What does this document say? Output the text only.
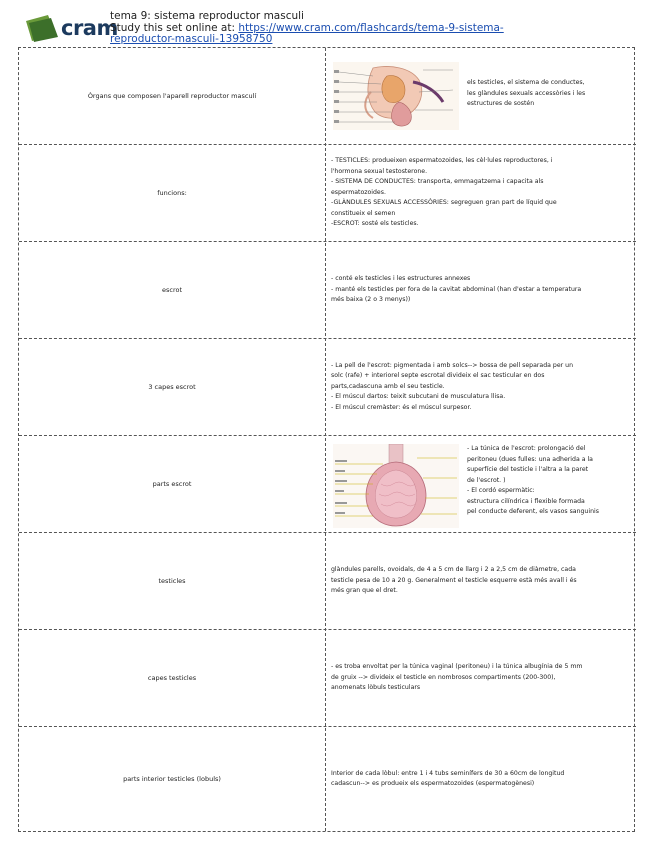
cram
tema 9: sistema reproductor masculi
Study this set online at: https://www.cram.com/flashcards/tema-9-sistema-
reproductor-masculi-13958750
Òrgans que composen l'aparell reproductor masculí
els testicles, el sistema de conductes,
les glàndules sexuals accessòries i les
estructures de sostén
funcions:
- TESTICLES: produeixen espermatozoides, les cèl·lules reproductores, i
l'hormona sexual testosterone.
- SISTEMA DE CONDUCTES: transporta, emmagatzema i capacita als
espermatozoides.
-GLÀNDULES SEXUALS ACCESSÒRIES: segreguen gran part de líquid que
constitueix el semen
-ESCROT: sosté els testicles.
escrot
- conté els testicles i les estructures annexes
- manté els testicles per fora de la cavitat abdominal (han d'estar a temperatura
més baixa (2 o 3 menys))
3 capes escrot
- La pell de l'escrot: pigmentada i amb solcs--> bossa de pell separada per un
solc (rafe) + interiorel septe escrotal divideix el sac testicular en dos
parts,cadascuna amb el seu testicle.
- El múscul dartos: teixit subcutani de musculatura llisa.
- El múscul cremàster: és el múscul surpesor.
parts escrot
- La túnica de l'escrot: prolongació del
peritoneu (dues fulles: una adherida a la
superfície del testicle i l'altra a la paret
de l'escrot. )
- El cordó espermàtic:
estructura cilíndrica i flexible formada
pel conducte deferent, els vasos sanguinis
testicles
glàndules parells, ovoidals, de 4 a 5 cm de llarg i 2 a 2,5 cm de diàmetre, cada
testicle pesa de 10 a 20 g. Generalment el testicle esquerre està més avall i és
més gran que el dret.
capes testicles
- es troba envoltat per la túnica vaginal (peritoneu) i la túnica albugínia de 5 mm
de gruix --> divideix el testicle en nombrosos compartiments (200-300),
anomenats lòbuls testiculars
parts interior testicles (lobuls)
Interior de cada lòbul: entre 1 i 4 tubs seminífers de 30 a 60cm de longitud
cadascun--> es produeix els espermatozoides (espermatogènesi)
